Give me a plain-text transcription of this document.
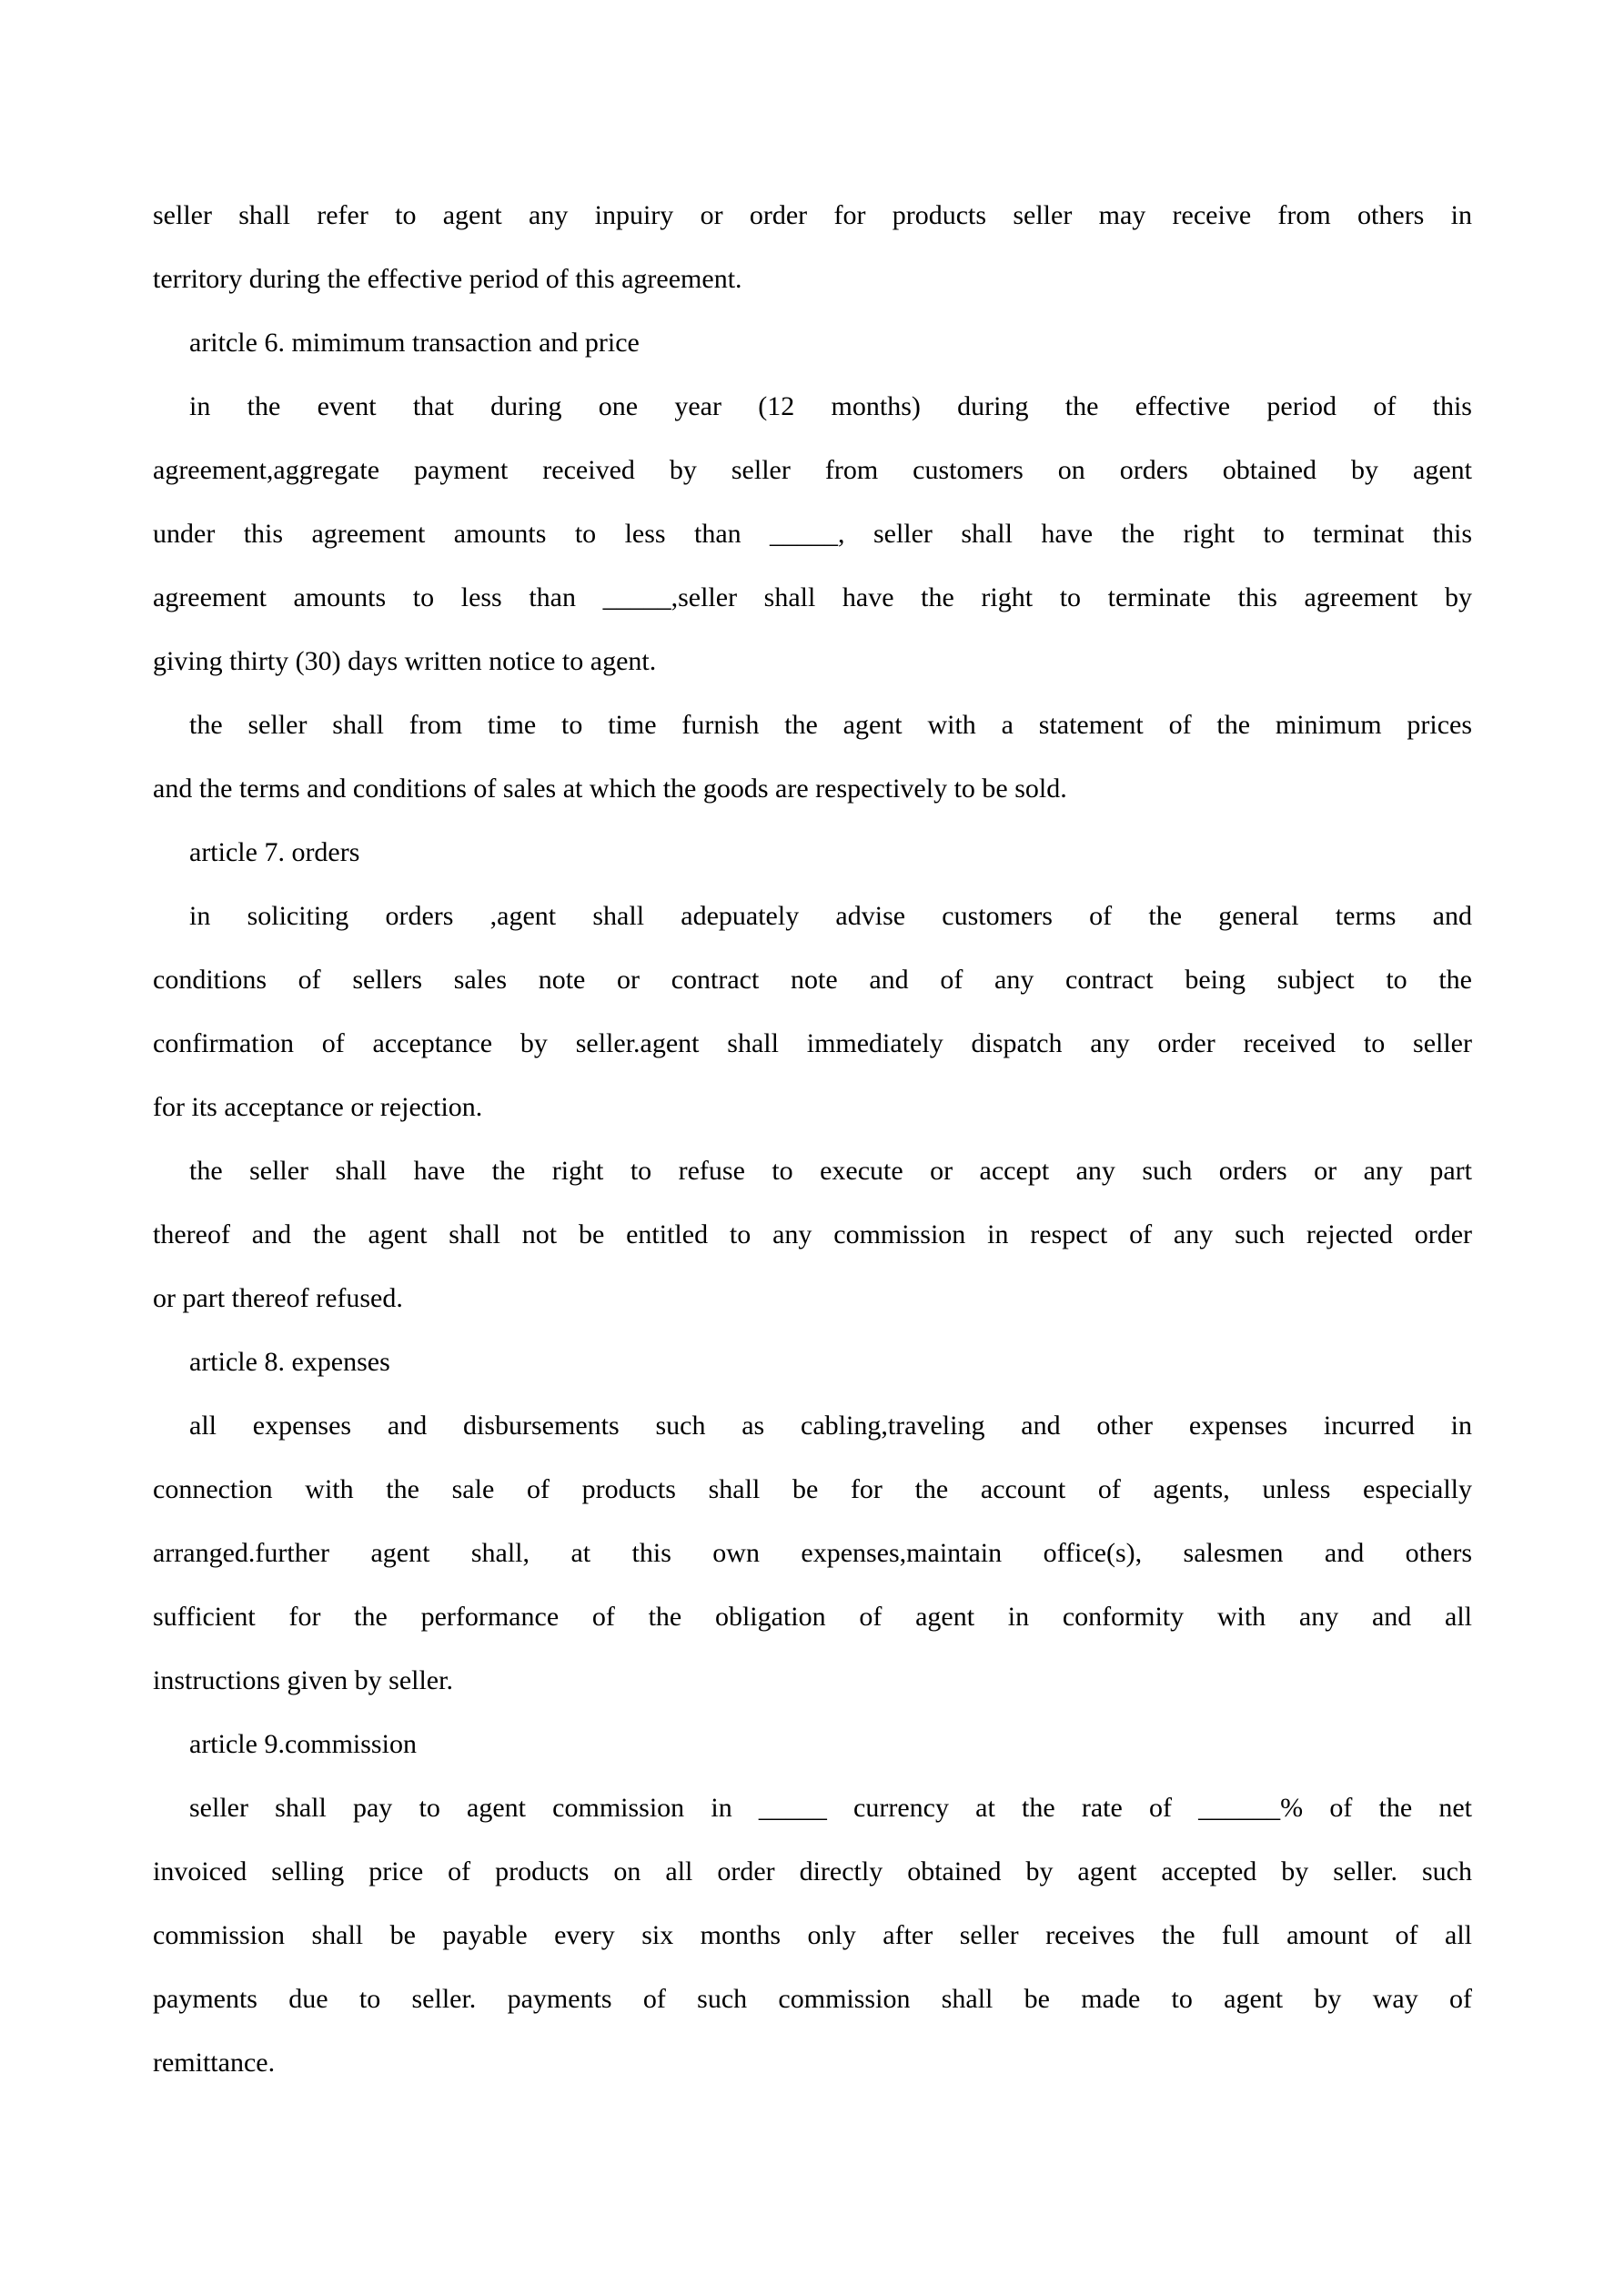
seller shall refer to agent any inpuiry or order for products seller may receive from others in
territory during the effective period of this agreement.
aritcle 6. mimimum transaction and price
in the event that during one year (12 months) during the effective period of this
agreement,aggregate payment received by seller from customers on orders obtained by agent
under this agreement amounts to less than _____, seller shall have the right to terminat this
agreement amounts to less than _____,seller shall have the right to terminate this agreement by
giving thirty (30) days written notice to agent.
the seller shall from time to time furnish the agent with a statement of the minimum prices
and the terms and conditions of sales at which the goods are respectively to be sold.
article 7. orders
in soliciting orders ,agent shall adepuately advise customers of the general terms and
conditions of sellers sales note or contract note and of any contract being subject to the
confirmation of acceptance by seller.agent shall immediately dispatch any order received to seller
for its acceptance or rejection.
the seller shall have the right to refuse to execute or accept any such orders or any part
thereof and the agent shall not be entitled to any commission in respect of any such rejected order
or part thereof refused.
article 8. expenses
all expenses and disbursements such as cabling,traveling and other expenses incurred in
connection with the sale of products shall be for the account of agents, unless especially
arranged.further agent shall, at this own expenses,maintain office(s), salesmen and others
sufficient for the performance of the obligation of agent in conformity with any and all
instructions given by seller.
article 9.commission
seller shall pay to agent commission in _____ currency at the rate of ______% of the net
invoiced selling price of products on all order directly obtained by agent accepted by seller. such
commission shall be payable every six months only after seller receives the full amount of all
payments due to seller. payments of such commission shall be made to agent by way of
remittance.
